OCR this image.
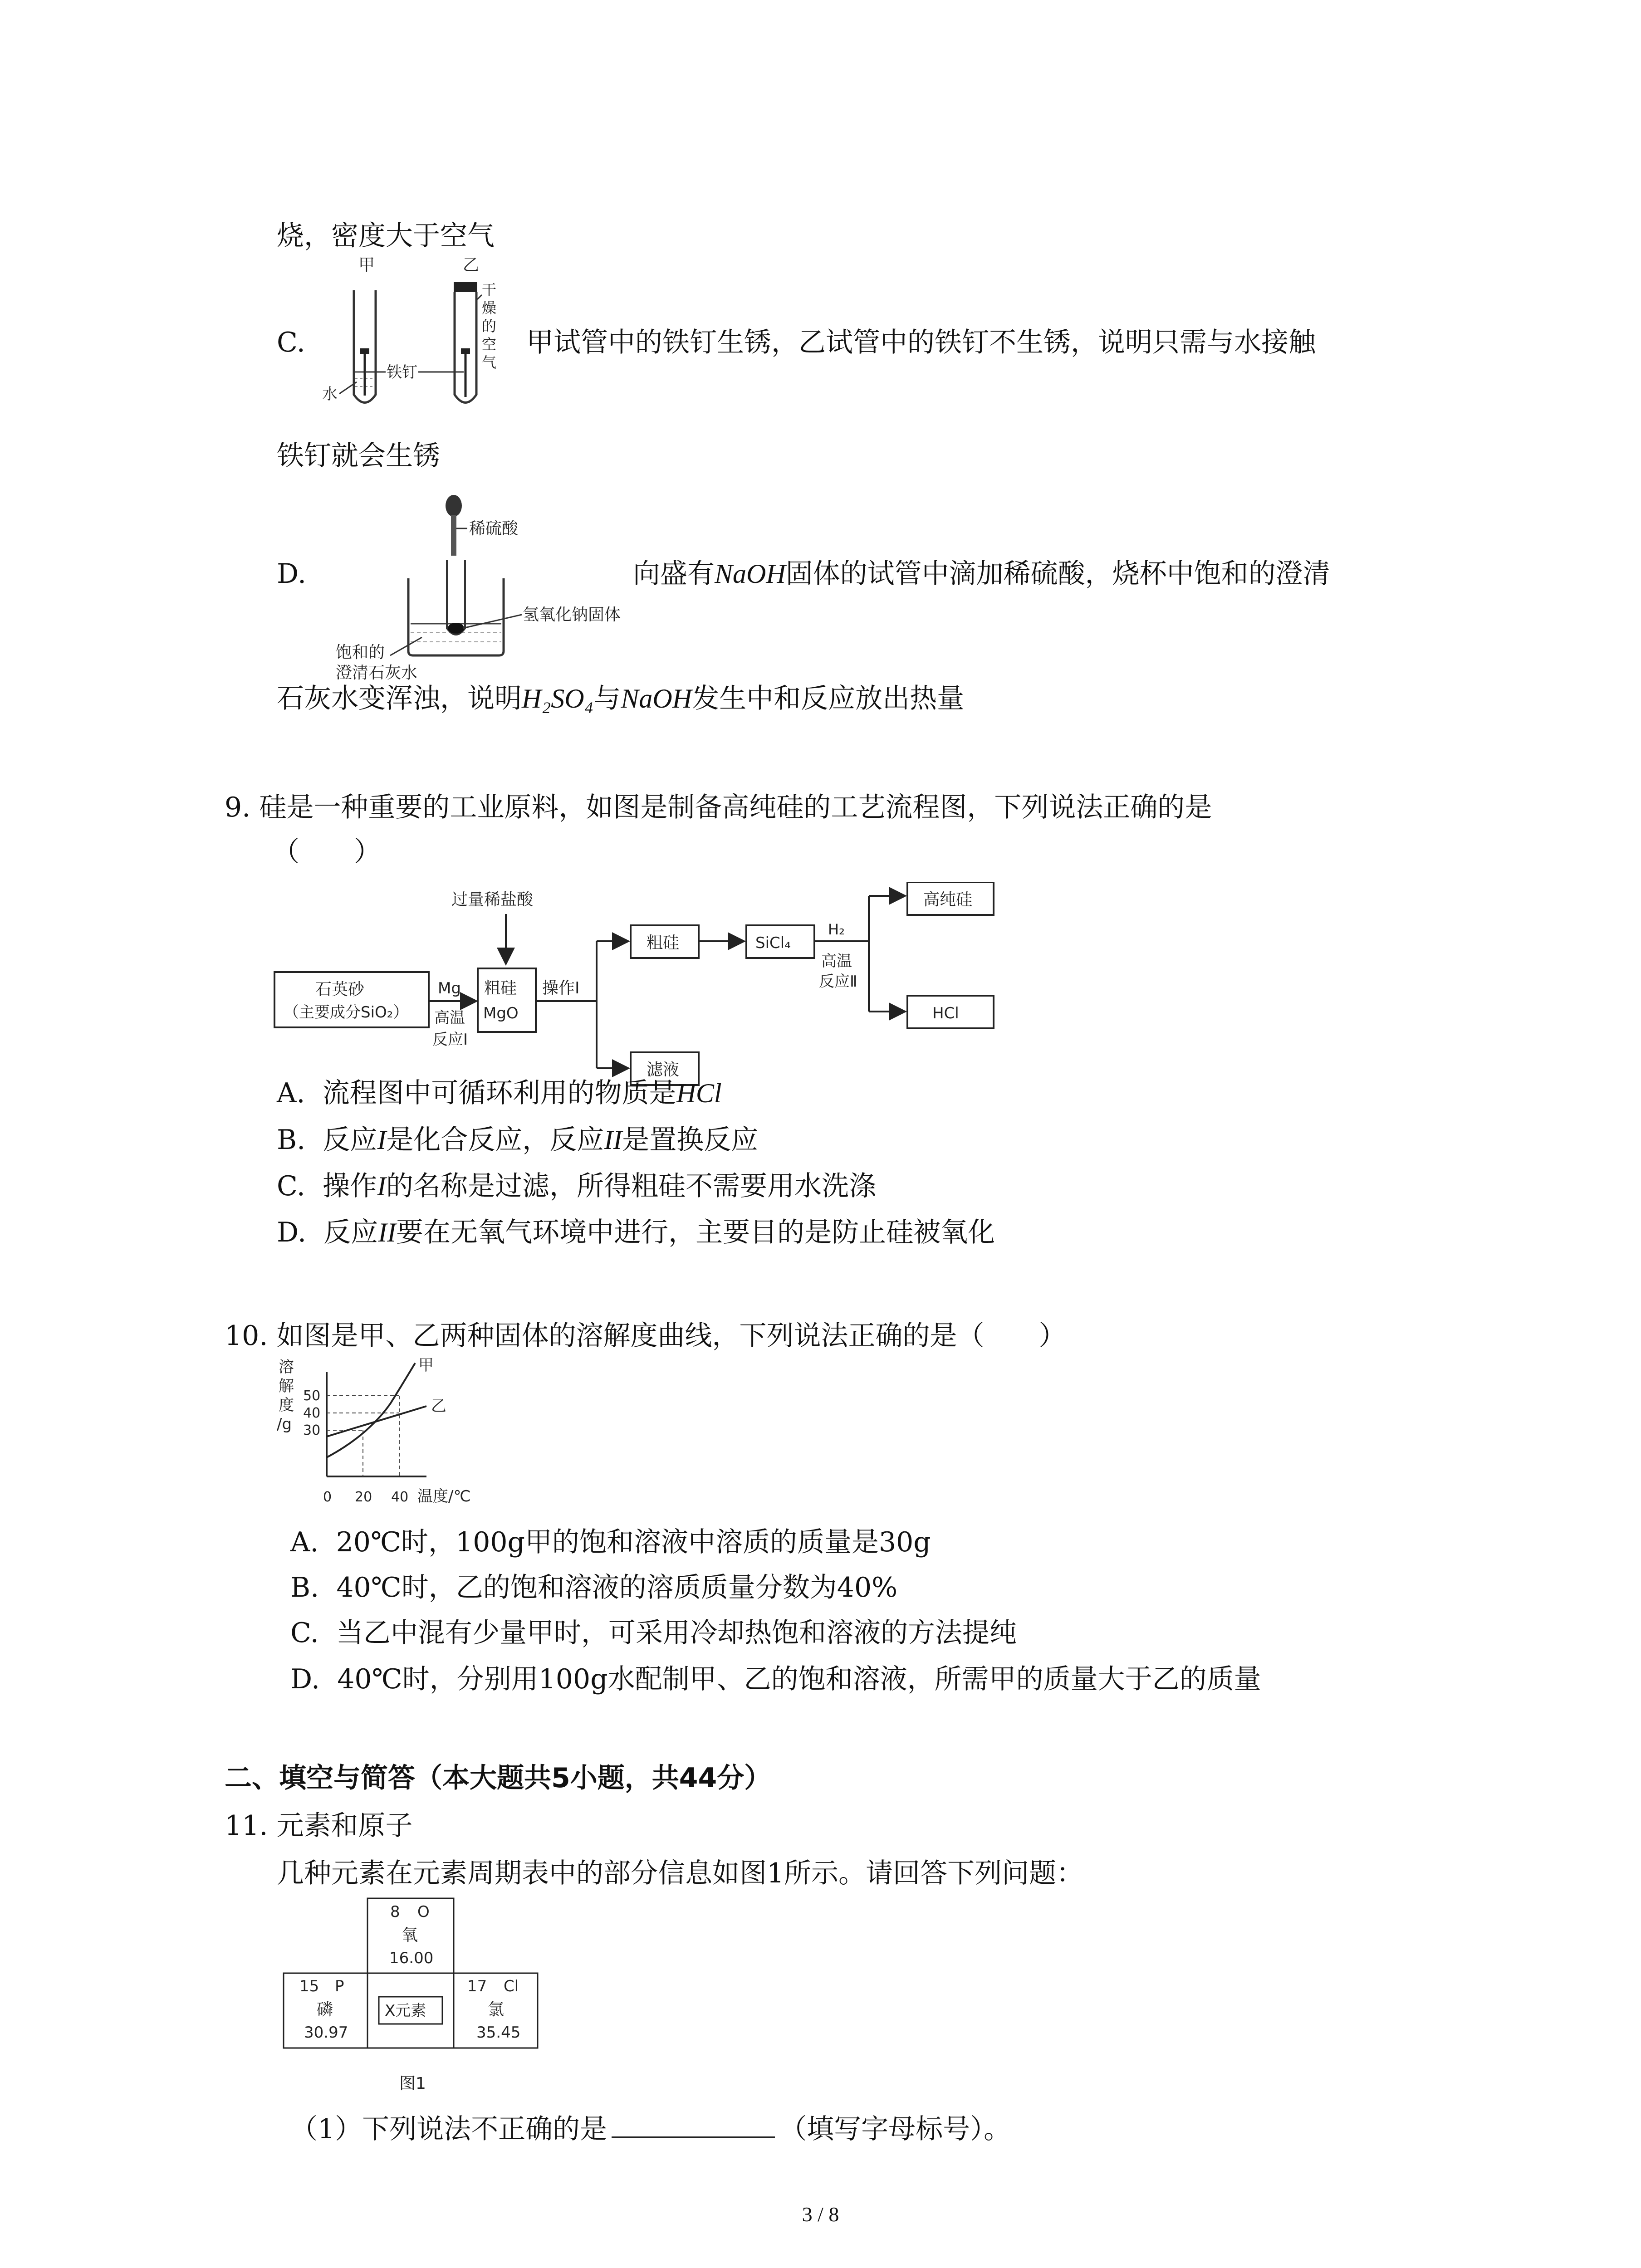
烧，密度大于空气
C.
甲	乙
水
铁钉
干
燥
的
空
气
甲试管中的铁钉生锈，乙试管中的铁钉不生锈，说明只需与水接触
铁钉就会生锈
D.
稀硫酸
氢氧化钠固体
饱和的
澄清石灰水
向盛有NaOH固体的试管中滴加稀硫酸，烧杯中饱和的澄清
石灰水变浑浊，说明H₂SO₄与NaOH发生中和反应放出热量
9. 硅是一种重要的工业原料，如图是制备高纯硅的工艺流程图，下列说法正确的是
（　　）
过量稀盐酸
石英砂
（主要成分SiO₂）
Mg
高温
反应Ⅰ
粗硅
MgO
操作Ⅰ
粗硅
滤液
SiCl₄
H₂
高温
反应Ⅱ
高纯硅
HCl
A. 流程图中可循环利用的物质是HCl
B. 反应I是化合反应，反应II是置换反应
C. 操作I的名称是过滤，所得粗硅不需要用水洗涤
D. 反应II要在无氧气环境中进行，主要目的是防止硅被氧化
10. 如图是甲、乙两种固体的溶解度曲线，下列说法正确的是（　　）
溶
解
度
/g
50
40
30
甲
乙
0 20 40 温度/℃
A. 20℃时，100g甲的饱和溶液中溶质的质量是30g
B. 40℃时，乙的饱和溶液的溶质质量分数为40%
C. 当乙中混有少量甲时，可采用冷却热饱和溶液的方法提纯
D. 40℃时，分别用100g水配制甲、乙的饱和溶液，所需甲的质量大于乙的质量
二、填空与简答（本大题共5小题，共44分）
11. 元素和原子
几种元素在元素周期表中的部分信息如图1所示。请回答下列问题：
8 O
氧
16.00
15 P
磷
30.97
X元素
17 Cl
氯
35.45
图1
（1）下列说法不正确的是	（填写字母标号）。
3 / 8
